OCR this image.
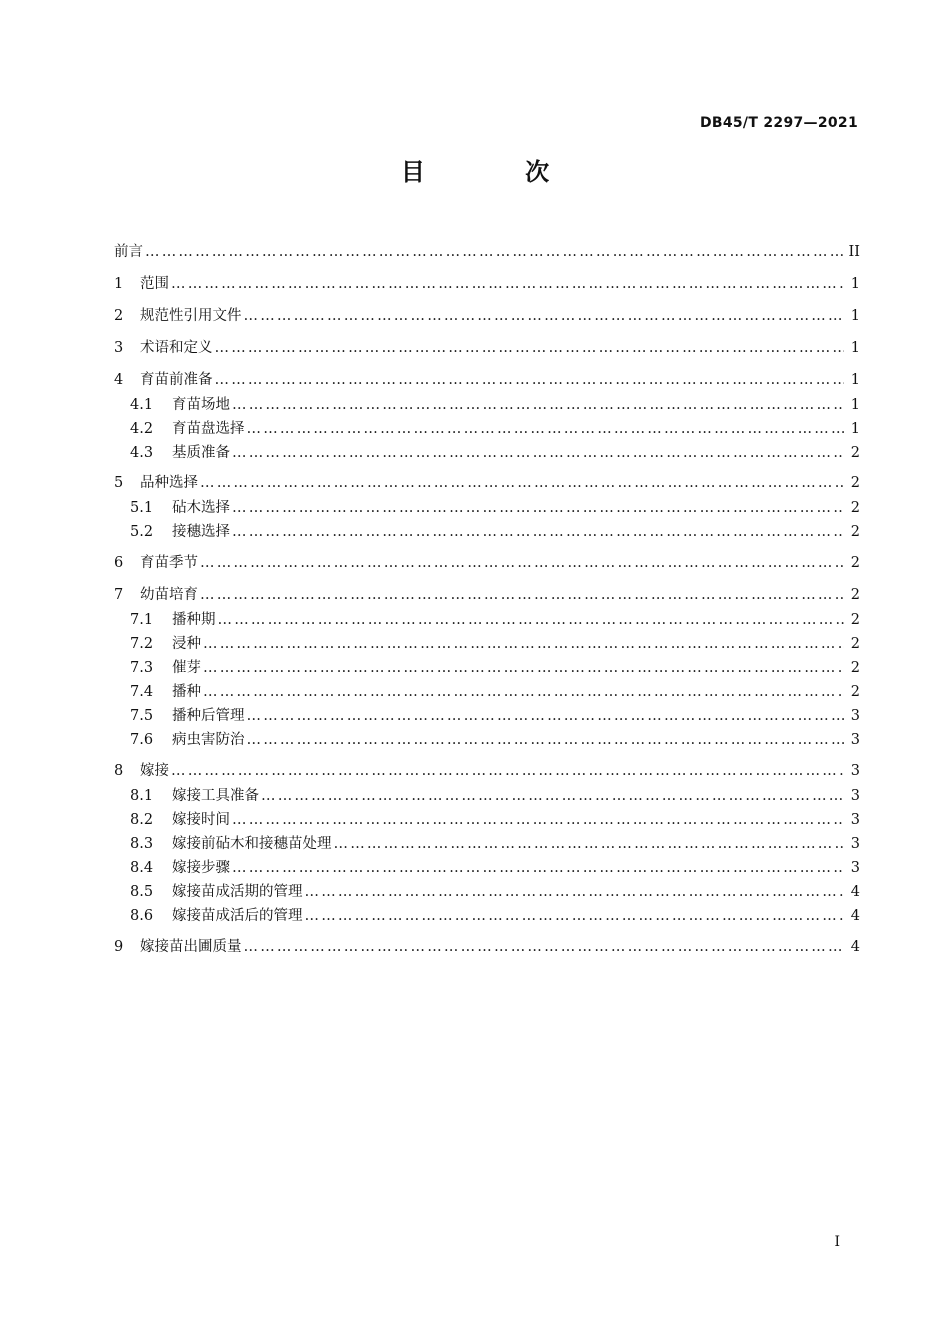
DB45/T 2297—2021
目 次
前言 ……………………………………………………………………………………………………………………………………………………	II
1	范围 ……………………………………………………………………………………………………………………………………………………	1
2	规范性引用文件 ……………………………………………………………………………………………………………………………………………………	1
3	术语和定义 ……………………………………………………………………………………………………………………………………………………	1
4	育苗前准备 ……………………………………………………………………………………………………………………………………………………	1
4.1	育苗场地 ……………………………………………………………………………………………………………………………………………………	1
4.2	育苗盘选择 ……………………………………………………………………………………………………………………………………………………	1
4.3	基质准备 ……………………………………………………………………………………………………………………………………………………	2
5	品种选择 ……………………………………………………………………………………………………………………………………………………	2
5.1	砧木选择 ……………………………………………………………………………………………………………………………………………………	2
5.2	接穗选择 ……………………………………………………………………………………………………………………………………………………	2
6	育苗季节 ……………………………………………………………………………………………………………………………………………………	2
7	幼苗培育 ……………………………………………………………………………………………………………………………………………………	2
7.1	播种期 ……………………………………………………………………………………………………………………………………………………	2
7.2	浸种 ……………………………………………………………………………………………………………………………………………………	2
7.3	催芽 ……………………………………………………………………………………………………………………………………………………	2
7.4	播种 ……………………………………………………………………………………………………………………………………………………	2
7.5	播种后管理 ……………………………………………………………………………………………………………………………………………………	3
7.6	病虫害防治 ……………………………………………………………………………………………………………………………………………………	3
8	嫁接 ……………………………………………………………………………………………………………………………………………………	3
8.1	嫁接工具准备 ……………………………………………………………………………………………………………………………………………………	3
8.2	嫁接时间 ……………………………………………………………………………………………………………………………………………………	3
8.3	嫁接前砧木和接穗苗处理 ……………………………………………………………………………………………………………………………………………………	3
8.4	嫁接步骤 ……………………………………………………………………………………………………………………………………………………	3
8.5	嫁接苗成活期的管理 ……………………………………………………………………………………………………………………………………………………	4
8.6	嫁接苗成活后的管理 ……………………………………………………………………………………………………………………………………………………	4
9	嫁接苗出圃质量 ……………………………………………………………………………………………………………………………………………………	4
I
